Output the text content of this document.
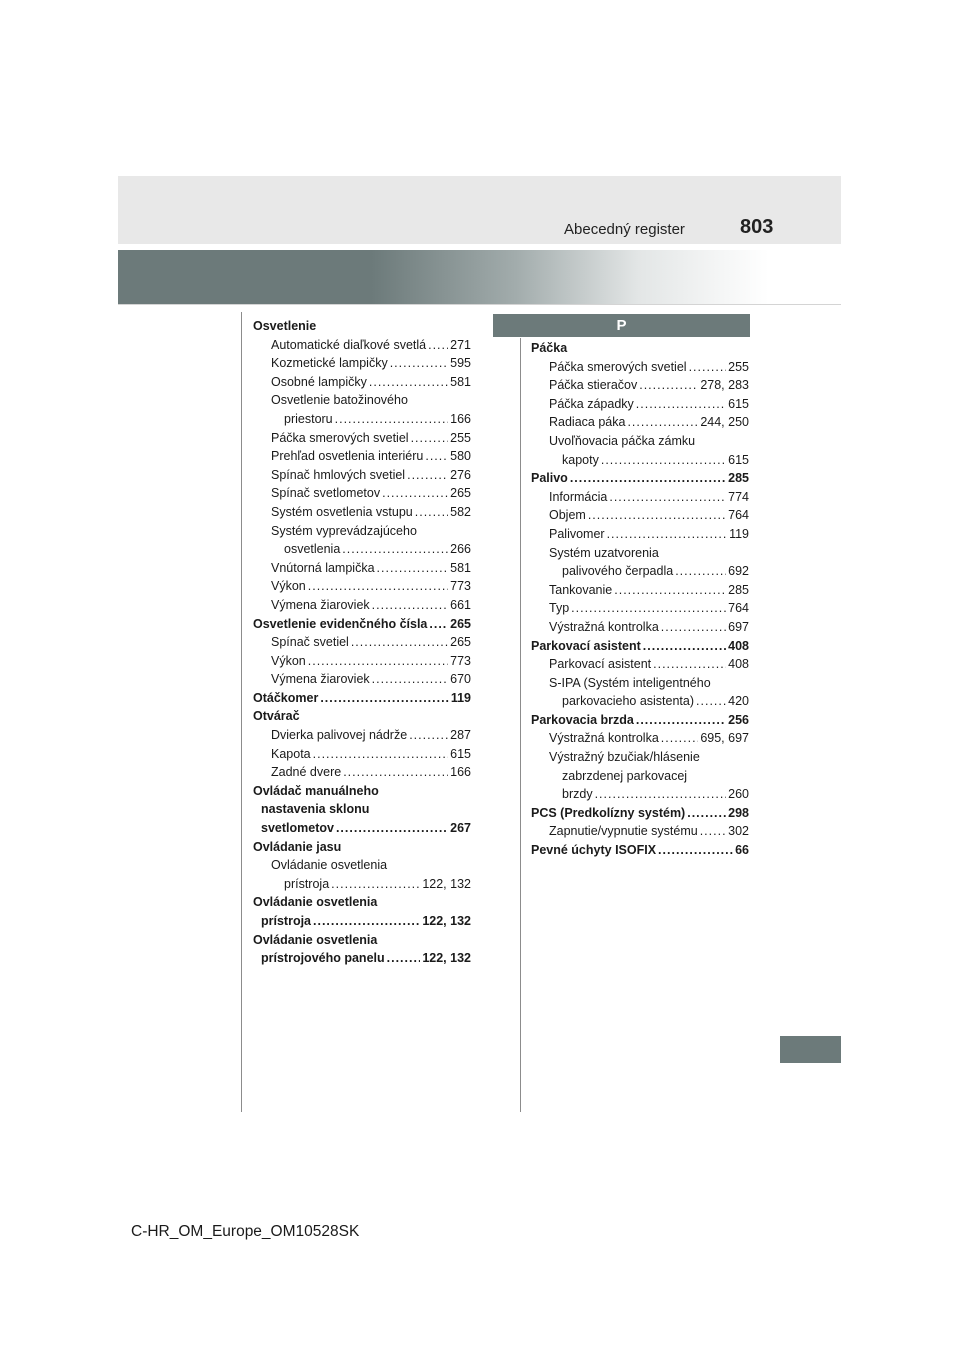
Abecedný register	803
Osvetlenie
Automatické diaľkové svetlá ..... 271
Kozmetické lampičky .....	595
Osobné lampičky .....	581
Osvetlenie batožinového
priestoru .....	166
Páčka smerových svetiel .....	255
Prehľad osvetlenia interiéru ..... 580
Spínač hmlových svetiel .....	276
Spínač svetlometov .....	265
Systém osvetlenia vstupu .....	582
Systém vyprevádzajúceho
osvetlenia .....	266
Vnútorná lampička .....	581
Výkon .....	773
Výmena žiaroviek .....	661
Osvetlenie evidenčného čísla ..... 265
Spínač svetiel .....	265
Výkon .....	773
Výmena žiaroviek .....	670
Otáčkomer .....	119
Otvárač
Dvierka palivovej nádrže .....	287
Kapota .....	615
Zadné dvere .....	166
Ovládač manuálneho
nastavenia sklonu
svetlometov .....	267
Ovládanie jasu
Ovládanie osvetlenia
prístroja .....	122, 132
Ovládanie osvetlenia
prístroja .....	122, 132
Ovládanie osvetlenia
prístrojového panelu .....	122, 132
P
Páčka
Páčka smerových svetiel .....	255
Páčka stieračov .....	278, 283
Páčka západky .....	615
Radiaca páka .....	244, 250
Uvoľňovacia páčka zámku
kapoty .....	615
Palivo .....	285
Informácia .....	774
Objem .....	764
Palivomer .....	119
Systém uzatvorenia
palivového čerpadla .....	692
Tankovanie .....	285
Typ .....	764
Výstražná kontrolka .....	697
Parkovací asistent .....	408
Parkovací asistent .....	408
S-IPA (Systém inteligentného
parkovacieho asistenta) .....	420
Parkovacia brzda .....	256
Výstražná kontrolka .....	695, 697
Výstražný bzučiak/hlásenie
zabrzdenej parkovacej
brzdy .....	260
PCS (Predkolízny systém) .....	298
Zapnutie/vypnutie systému ..... 302
Pevné úchyty ISOFIX .....	66
C-HR_OM_Europe_OM10528SK
